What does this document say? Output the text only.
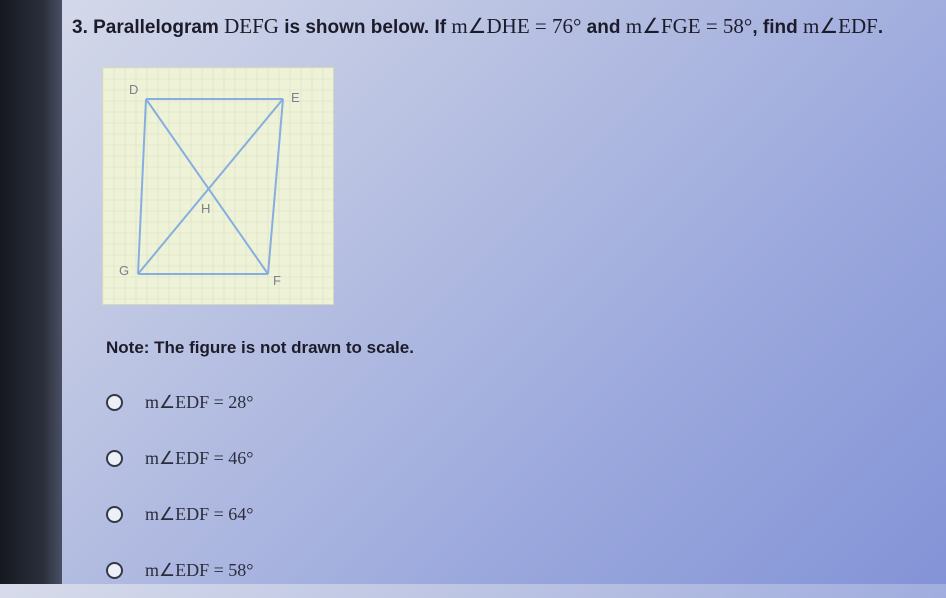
3. Parallelogram DEFG is shown below. If m∠DHE = 76° and m∠FGE = 58°, find m∠EDF.
D
E
F
G
H
Note: The figure is not drawn to scale.
m∠EDF = 28°
m∠EDF = 46°
m∠EDF = 64°
m∠EDF = 58°
